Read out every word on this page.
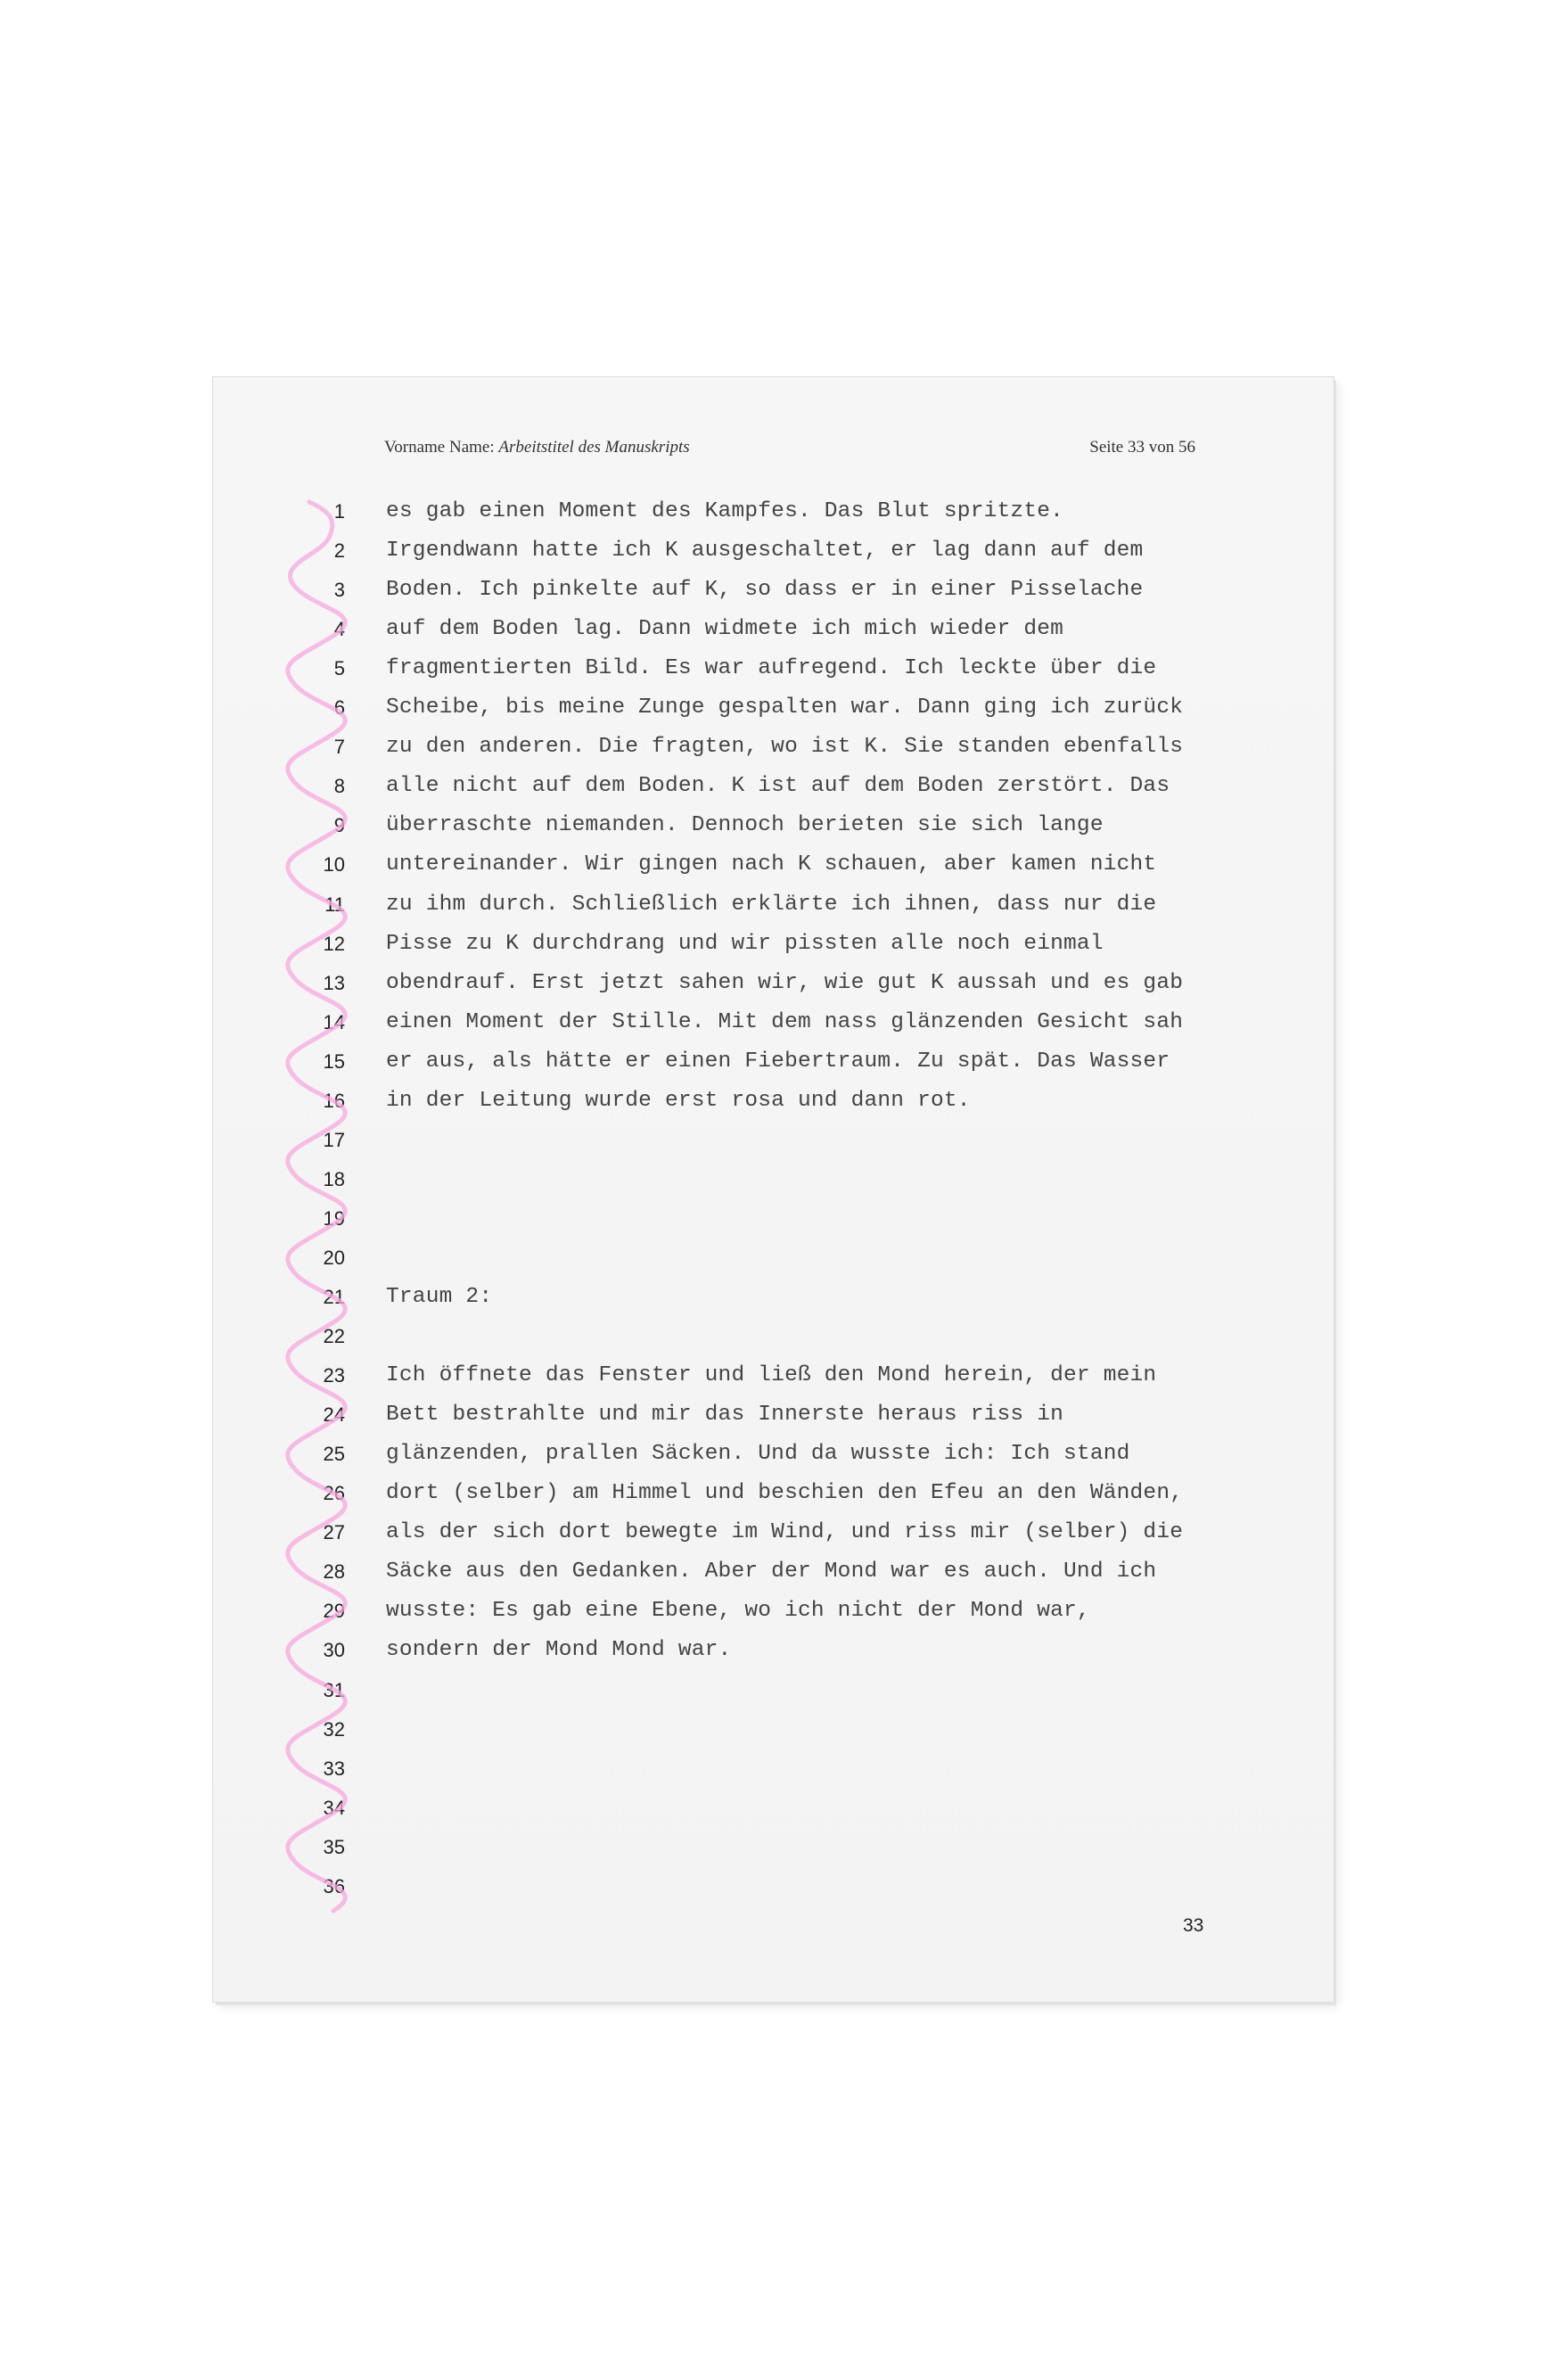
Vorname Name: Arbeitstitel des Manuskripts	Seite 33 von 56
1
2
3
4
5
6
7
8
9
10
11
12
13
14
15
16
17
18
19
20
21
22
23
24
25
26
27
28
29
30
31
32
33
34
35
36
es gab einen Moment des Kampfes. Das Blut spritzte.
Irgendwann hatte ich K ausgeschaltet, er lag dann auf dem
Boden. Ich pinkelte auf K, so dass er in einer Pisselache
auf dem Boden lag. Dann widmete ich mich wieder dem
fragmentierten Bild. Es war aufregend. Ich leckte über die
Scheibe, bis meine Zunge gespalten war. Dann ging ich zurück
zu den anderen. Die fragten, wo ist K. Sie standen ebenfalls
alle nicht auf dem Boden. K ist auf dem Boden zerstört. Das
überraschte niemanden. Dennoch berieten sie sich lange
untereinander. Wir gingen nach K schauen, aber kamen nicht
zu ihm durch. Schließlich erklärte ich ihnen, dass nur die
Pisse zu K durchdrang und wir pissten alle noch einmal
obendrauf. Erst jetzt sahen wir, wie gut K aussah und es gab
einen Moment der Stille. Mit dem nass glänzenden Gesicht sah
er aus, als hätte er einen Fiebertraum. Zu spät. Das Wasser
in der Leitung wurde erst rosa und dann rot.
Traum 2:
Ich öffnete das Fenster und ließ den Mond herein, der mein
Bett bestrahlte und mir das Innerste heraus riss in
glänzenden, prallen Säcken. Und da wusste ich: Ich stand
dort (selber) am Himmel und beschien den Efeu an den Wänden,
als der sich dort bewegte im Wind, und riss mir (selber) die
Säcke aus den Gedanken. Aber der Mond war es auch. Und ich
wusste: Es gab eine Ebene, wo ich nicht der Mond war,
sondern der Mond Mond war.
33
